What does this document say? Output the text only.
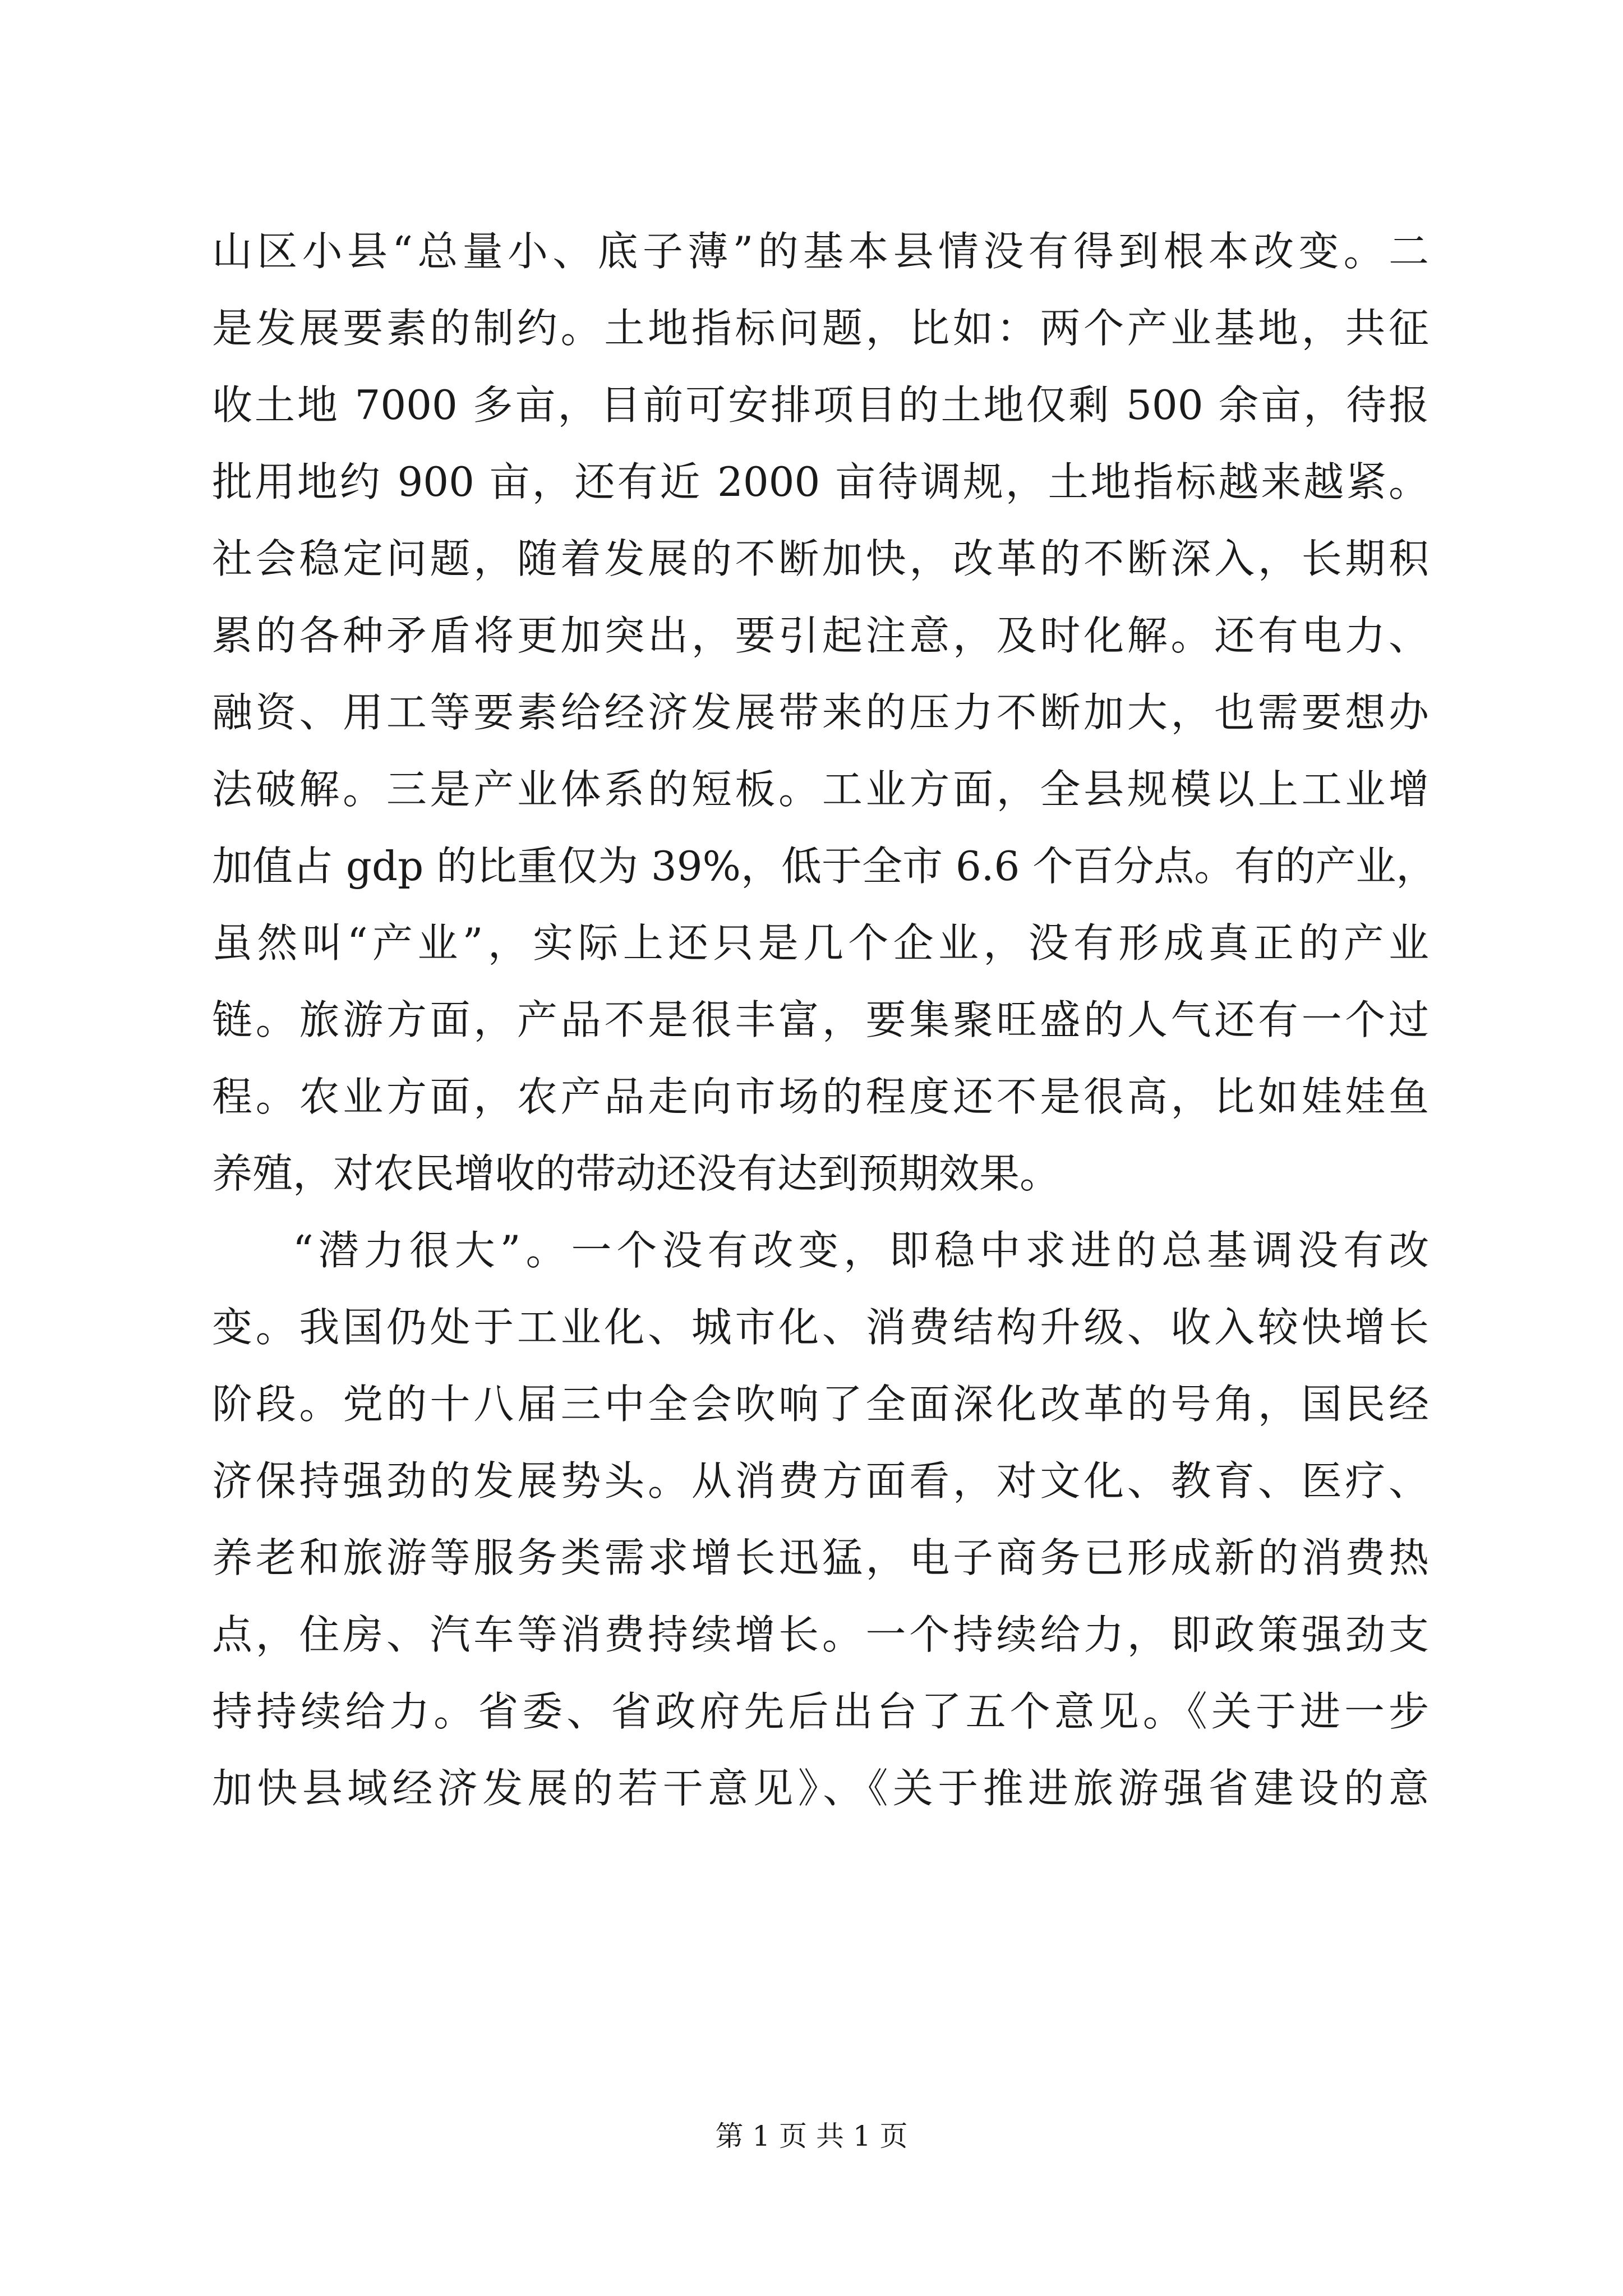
山区小县“总量小、底子薄”的基本县情没有得到根本改变。二
是发展要素的制约。土地指标问题，比如：两个产业基地，共征
收土地 7000 多亩，目前可安排项目的土地仅剩 500 余亩，待报
批用地约 900 亩，还有近 2000 亩待调规，土地指标越来越紧。
社会稳定问题，随着发展的不断加快，改革的不断深入，长期积
累的各种矛盾将更加突出，要引起注意，及时化解。还有电力、
融资、用工等要素给经济发展带来的压力不断加大，也需要想办
法破解。三是产业体系的短板。工业方面，全县规模以上工业增
加值占 gdp 的比重仅为 39%，低于全市 6.6 个百分点。有的产业，
虽然叫“产业”，实际上还只是几个企业，没有形成真正的产业
链。旅游方面，产品不是很丰富，要集聚旺盛的人气还有一个过
程。农业方面，农产品走向市场的程度还不是很高，比如娃娃鱼
养殖，对农民增收的带动还没有达到预期效果。
“潜力很大”。一个没有改变，即稳中求进的总基调没有改
变。我国仍处于工业化、城市化、消费结构升级、收入较快增长
阶段。党的十八届三中全会吹响了全面深化改革的号角，国民经
济保持强劲的发展势头。从消费方面看，对文化、教育、医疗、
养老和旅游等服务类需求增长迅猛，电子商务已形成新的消费热
点，住房、汽车等消费持续增长。一个持续给力，即政策强劲支
持持续给力。省委、省政府先后出台了五个意见。《关于进一步
加快县域经济发展的若干意见》、《关于推进旅游强省建设的意
第 1 页 共 1 页
